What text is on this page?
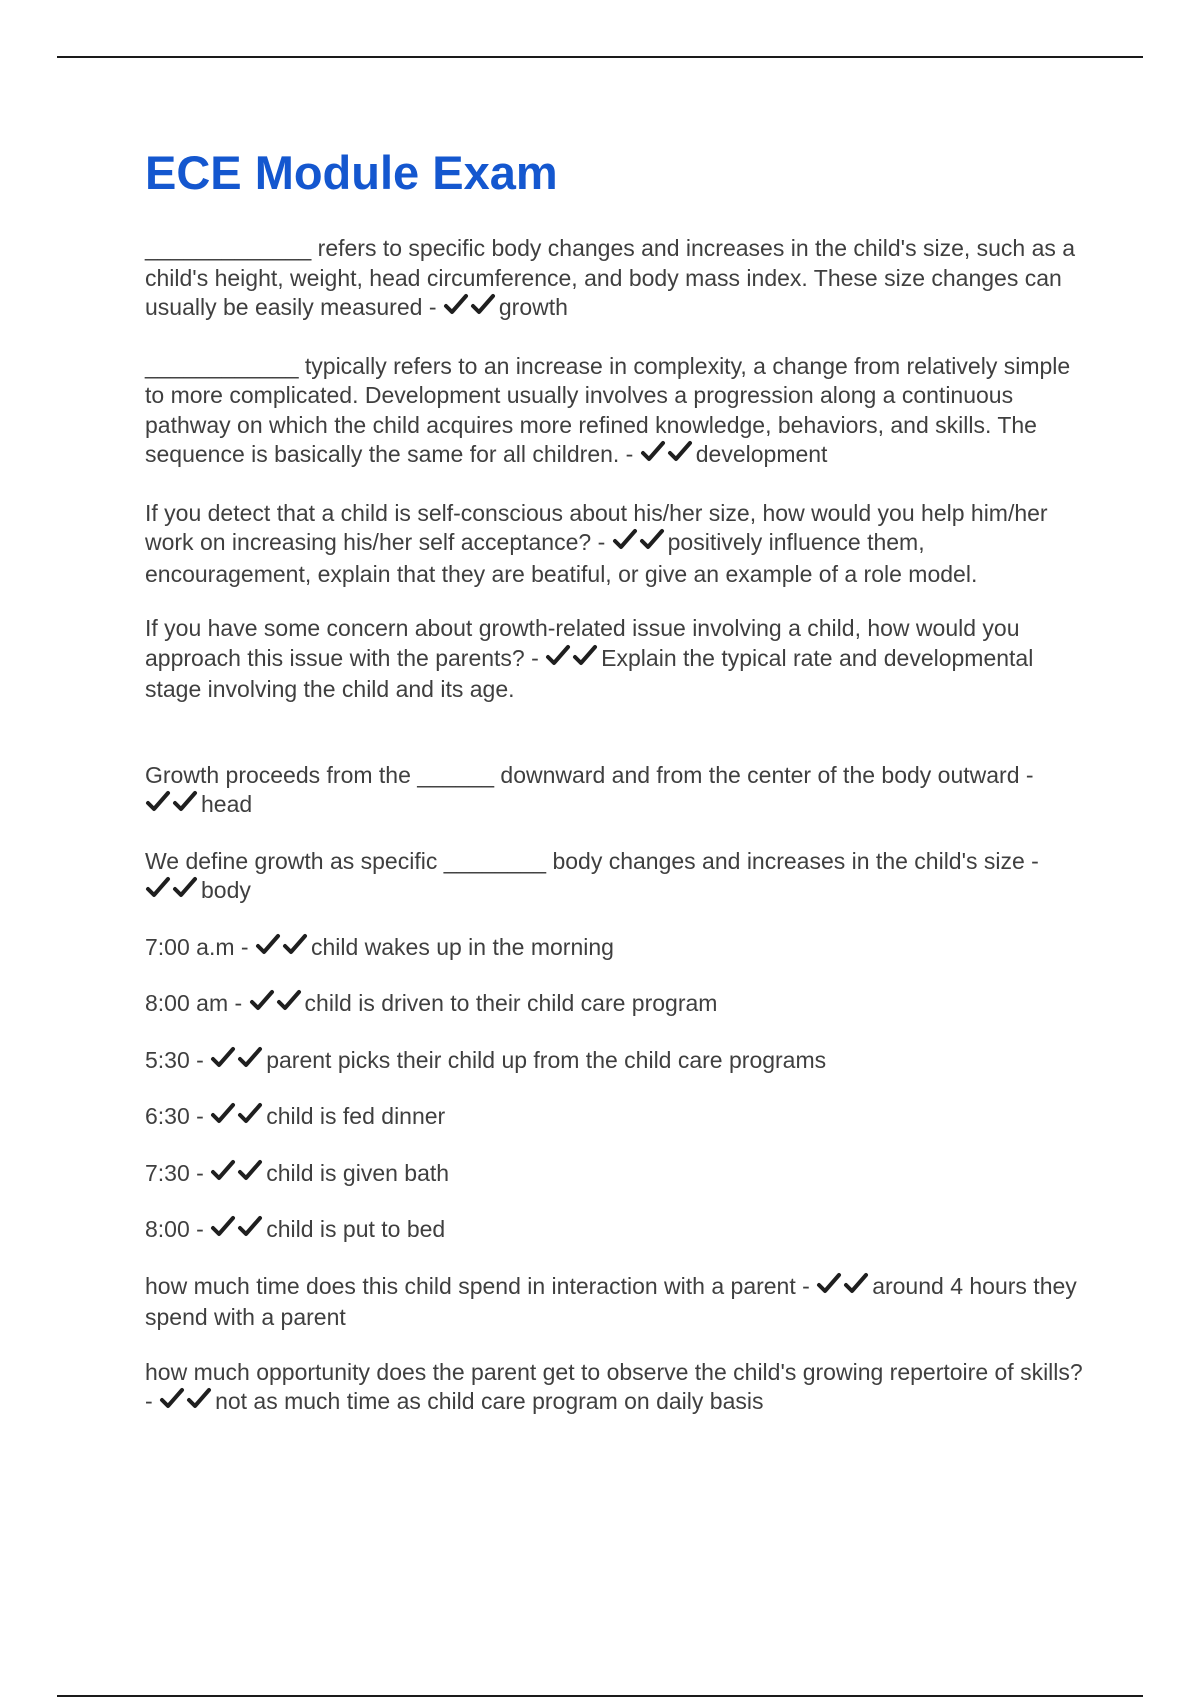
ECE Module Exam

_____________ refers to specific body changes and increases in the child's size, such as a child's height, weight, head circumference, and body mass index. These size changes can usually be easily measured -	growth

____________ typically refers to an increase in complexity, a change from relatively simple to more complicated. Development usually involves a progression along a continuous pathway on which the child acquires more refined knowledge, behaviors, and skills. The sequence is basically the same for all children. -	development

If you detect that a child is self-conscious about his/her size, how would you help him/her work on increasing his/her self acceptance? -	positively influence them, encouragement, explain that they are beatiful, or give an example of a role model.

If you have some concern about growth-related issue involving a child, how would you approach this issue with the parents? -	Explain the typical rate and developmental stage involving the child and its age.

Growth proceeds from the ______ downward and from the center of the body outward -
head

We define growth as specific ________ body changes and increases in the child's size -
body

7:00 a.m -	child wakes up in the morning

8:00 am -	child is driven to their child care program

5:30 -	parent picks their child up from the child care programs

6:30 -	child is fed dinner

7:30 -	child is given bath

8:00 -	child is put to bed

how much time does this child spend in interaction with a parent -	around 4 hours they spend with a parent

how much opportunity does the parent get to observe the child's growing repertoire of skills? -	not as much time as child care program on daily basis
